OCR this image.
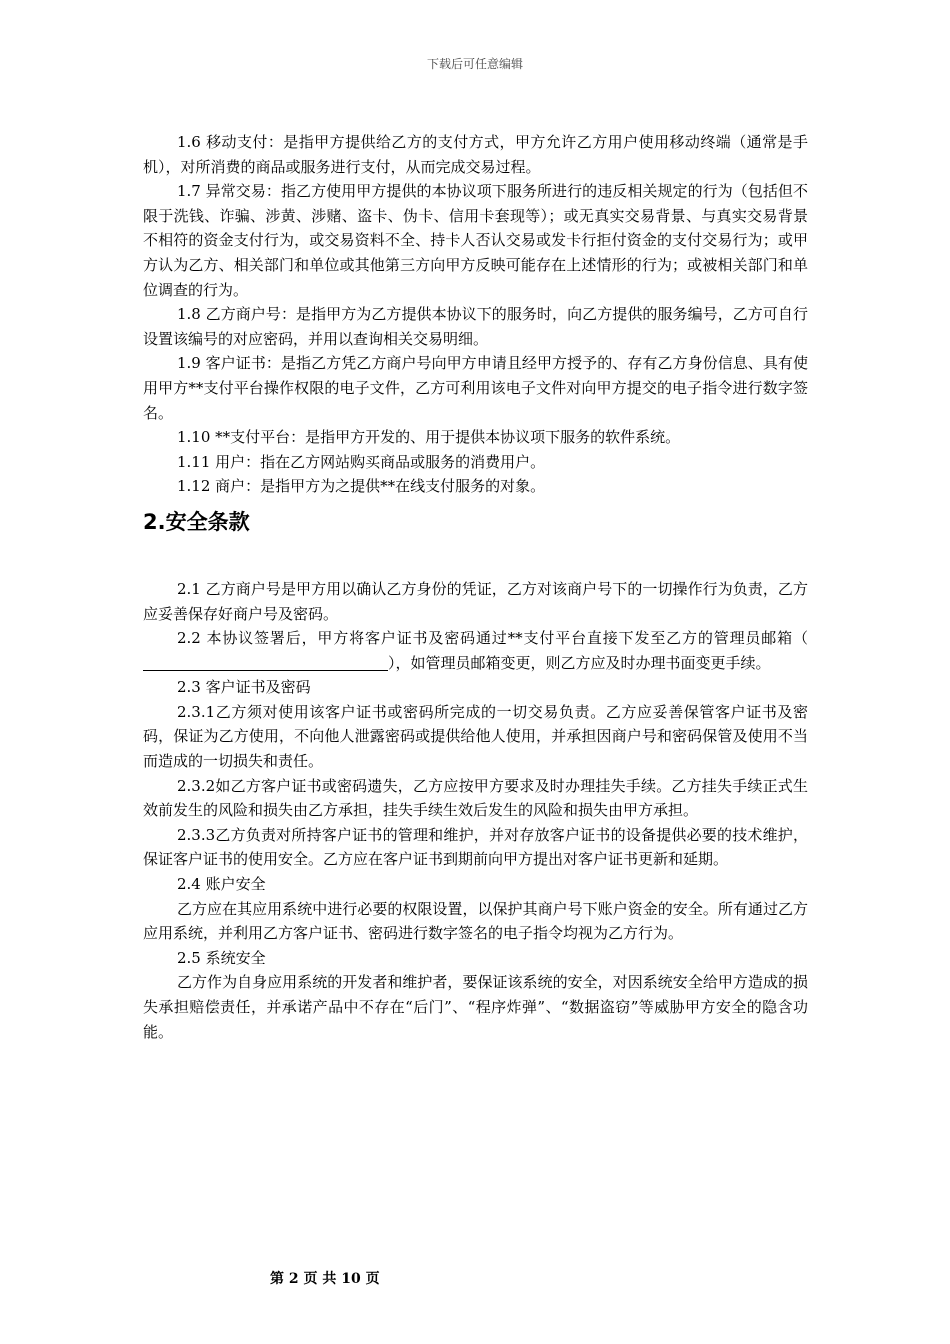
下载后可任意编辑

1.6 移动支付：是指甲方提供给乙方的支付方式，甲方允许乙方用户使用移动终端（通常是手机），对所消费的商品或服务进行支付，从而完成交易过程。

1.7 异常交易：指乙方使用甲方提供的本协议项下服务所进行的违反相关规定的行为（包括但不限于洗钱、诈骗、涉黄、涉赌、盗卡、伪卡、信用卡套现等）；或无真实交易背景、与真实交易背景不相符的资金支付行为，或交易资料不全、持卡人否认交易或发卡行拒付资金的支付交易行为；或甲方认为乙方、相关部门和单位或其他第三方向甲方反映可能存在上述情形的行为；或被相关部门和单位调查的行为。

1.8 乙方商户号：是指甲方为乙方提供本协议下的服务时，向乙方提供的服务编号，乙方可自行设置该编号的对应密码，并用以查询相关交易明细。

1.9 客户证书：是指乙方凭乙方商户号向甲方申请且经甲方授予的、存有乙方身份信息、具有使用甲方**支付平台操作权限的电子文件，乙方可利用该电子文件对向甲方提交的电子指令进行数字签名。

1.10 **支付平台：是指甲方开发的、用于提供本协议项下服务的软件系统。

1.11 用户：指在乙方网站购买商品或服务的消费用户。

1.12 商户：是指甲方为之提供**在线支付服务的对象。

2.安全条款

2.1 乙方商户号是甲方用以确认乙方身份的凭证，乙方对该商户号下的一切操作行为负责，乙方应妥善保存好商户号及密码。

2.2 本协议签署后，甲方将客户证书及密码通过**支付平台直接下发至乙方的管理员邮箱（），如管理员邮箱变更，则乙方应及时办理书面变更手续。

2.3 客户证书及密码

2.3.1乙方须对使用该客户证书或密码所完成的一切交易负责。乙方应妥善保管客户证书及密码，保证为乙方使用，不向他人泄露密码或提供给他人使用，并承担因商户号和密码保管及使用不当而造成的一切损失和责任。

2.3.2如乙方客户证书或密码遗失，乙方应按甲方要求及时办理挂失手续。乙方挂失手续正式生效前发生的风险和损失由乙方承担，挂失手续生效后发生的风险和损失由甲方承担。

2.3.3乙方负责对所持客户证书的管理和维护，并对存放客户证书的设备提供必要的技术维护，保证客户证书的使用安全。乙方应在客户证书到期前向甲方提出对客户证书更新和延期。

2.4 账户安全

乙方应在其应用系统中进行必要的权限设置，以保护其商户号下账户资金的安全。所有通过乙方应用系统，并利用乙方客户证书、密码进行数字签名的电子指令均视为乙方行为。

2.5 系统安全

乙方作为自身应用系统的开发者和维护者，要保证该系统的安全，对因系统安全给甲方造成的损失承担赔偿责任，并承诺产品中不存在“后门”、“程序炸弹”、“数据盗窃”等威胁甲方安全的隐含功能。

第 2 页 共 10 页
